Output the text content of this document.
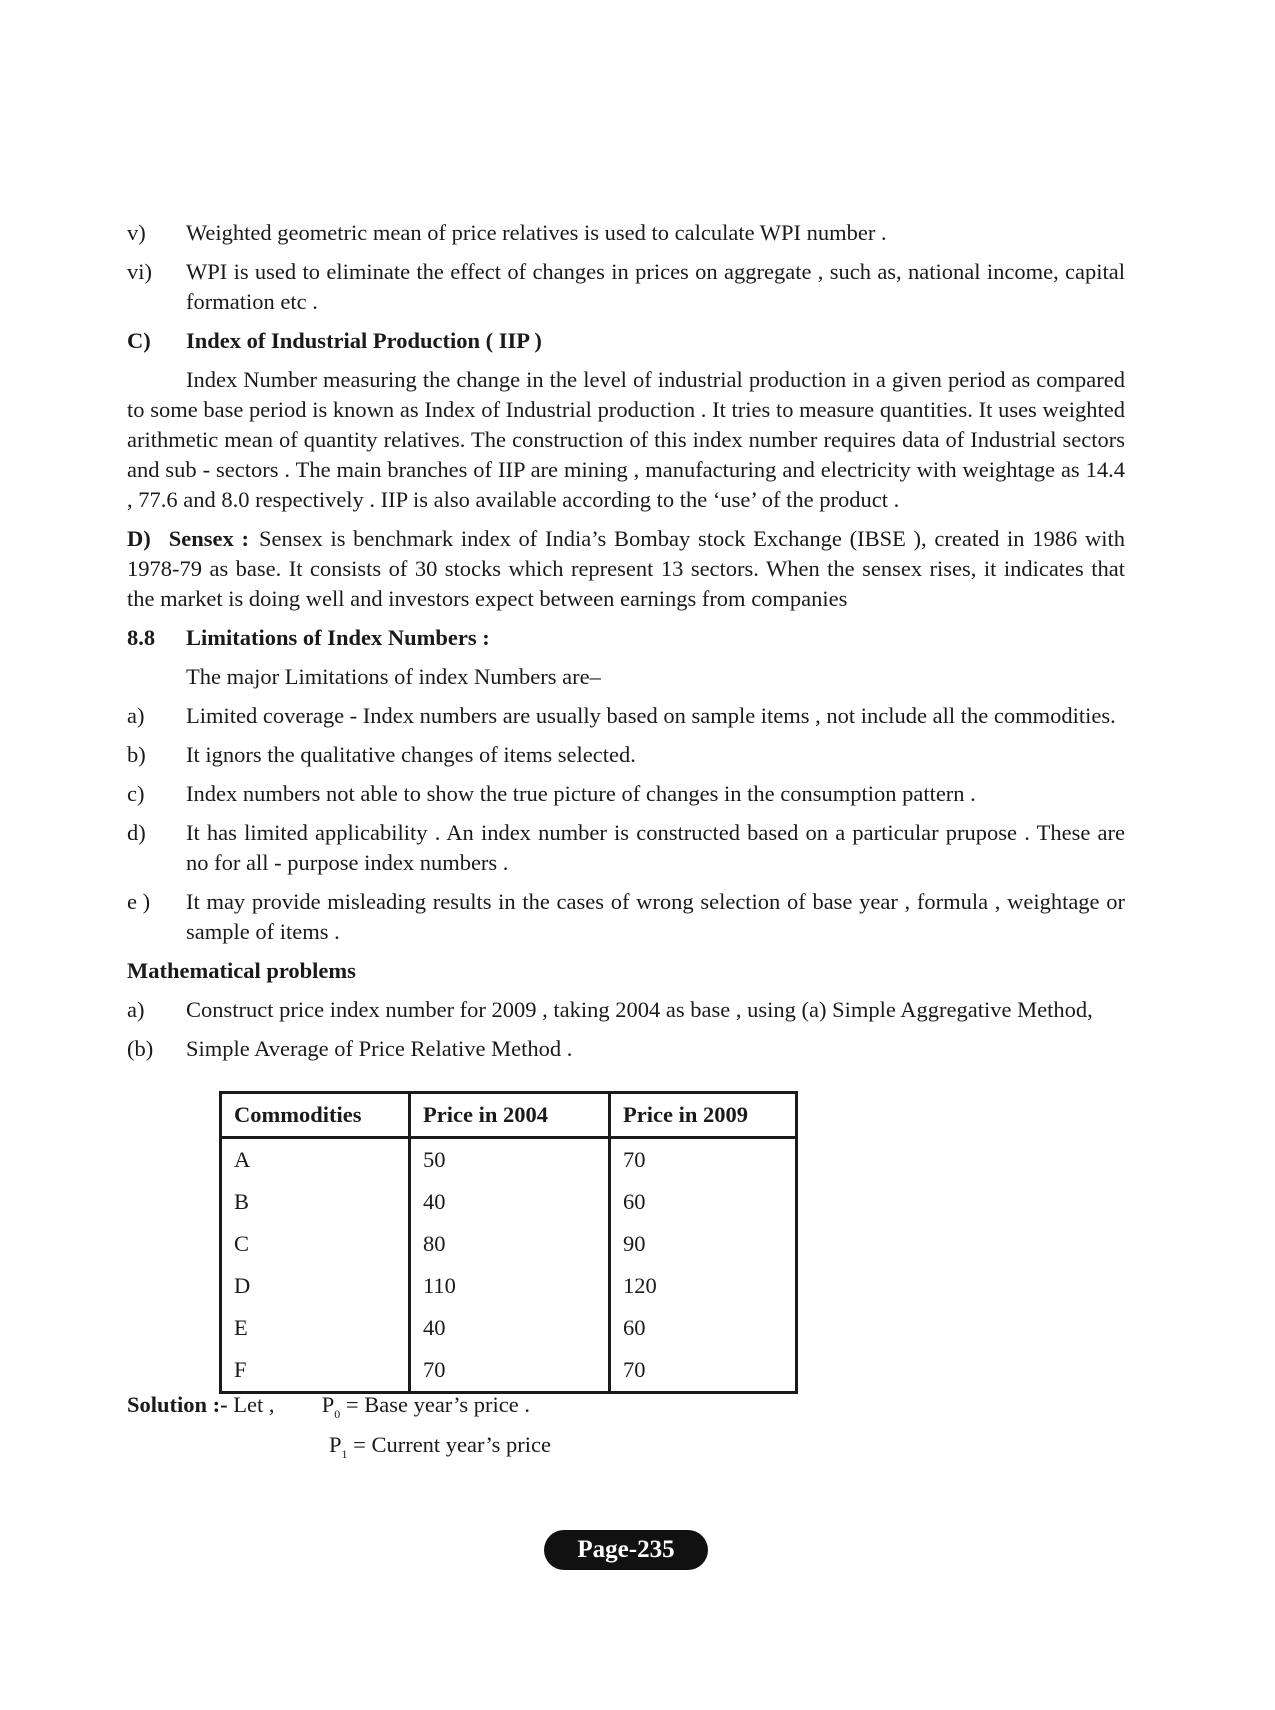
v)	Weighted geometric mean of price relatives is used to calculate WPI number .
vi)	WPI is used to eliminate the effect of changes in prices on aggregate , such as, national income, capital formation etc .
C)	Index of Industrial Production ( IIP )
Index Number measuring the change in the level of industrial production in a given period as compared to some base period is known as Index of Industrial production . It tries to measure quantities. It uses weighted arithmetic mean of quantity relatives. The construction of this index number requires data of Industrial sectors and sub - sectors . The main branches of IIP are mining , manufacturing and electricity with weightage as 14.4 , 77.6 and 8.0 respectively . IIP is also available according to the ‘use’ of the product .
D) Sensex : Sensex is benchmark index of India’s Bombay stock Exchange (IBSE ), created in 1986 with 1978-79 as base. It consists of 30 stocks which represent 13 sectors. When the sensex rises, it indicates that the market is doing well and investors expect between earnings from companies
8.8	Limitations of Index Numbers :
The major Limitations of index Numbers are–
a)	Limited coverage - Index numbers are usually based on sample items , not include all the commodities.
b)	It ignors the qualitative changes of items selected.
c)	Index numbers not able to show the true picture of changes in the consumption pattern .
d)	It has limited applicability . An index number is constructed based on a particular prupose . These are no for all - purpose index numbers .
e )	It may provide misleading results in the cases of wrong selection of base year , formula , weightage or sample of items .
Mathematical problems
a)	Construct price index number for 2009 , taking 2004 as base , using (a) Simple Aggregative Method,
(b)	Simple Average of Price Relative Method .
Commodities	Price in 2004	Price in 2009
A	50	70
B	40	60
C	80	90
D	110	120
E	40	60
F	70	70
Solution :- Let , $P_0$ = Base year’s price .
$P_1$ = Current year’s price
Page-235
